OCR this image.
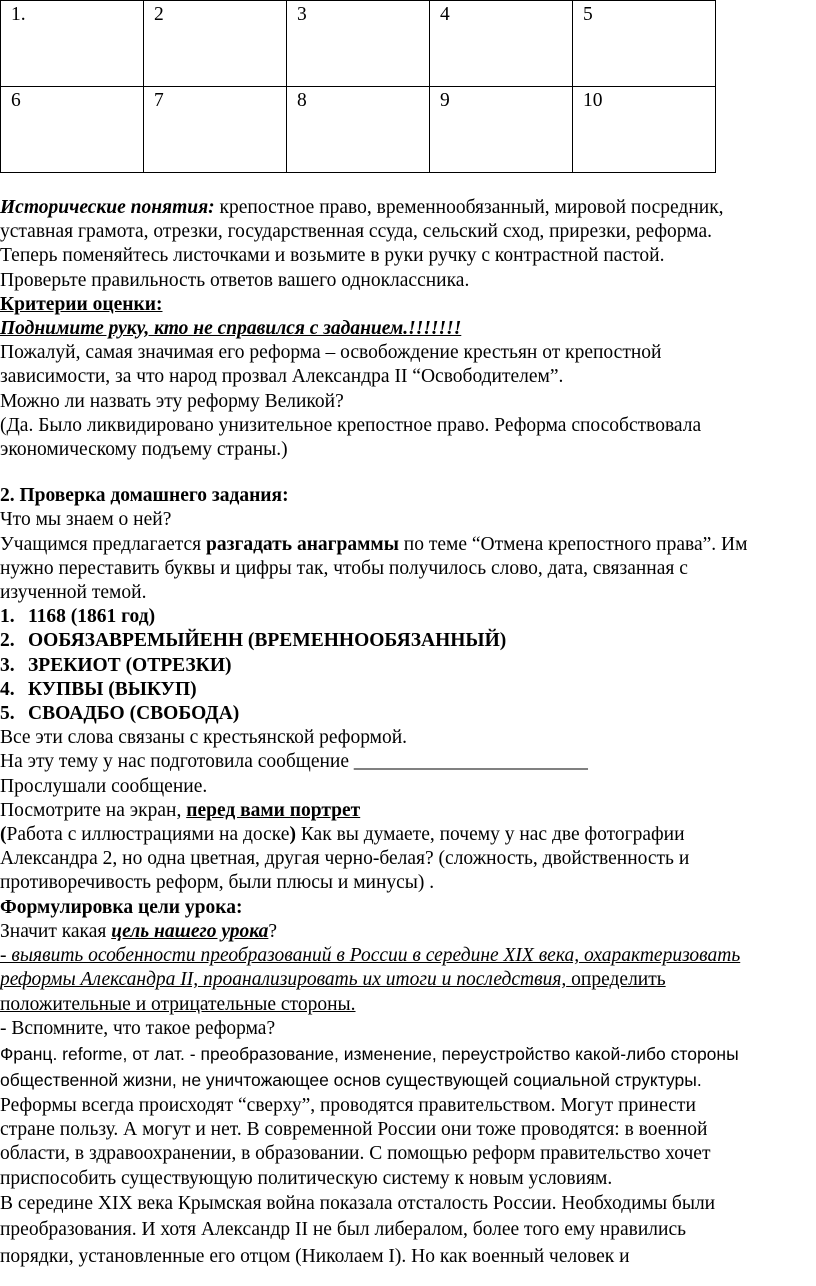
1.	2	3	4	5
6	7	8	9	10
Исторические понятия: крепостное право, временнообязанный, мировой посредник,
уставная грамота, отрезки, государственная ссуда, сельский сход, прирезки, реформа.
Теперь поменяйтесь листочками и возьмите в руки ручку с контрастной пастой.
Проверьте правильность ответов вашего одноклассника.
Критерии оценки:
Поднимите руку, кто не справился с заданием.!!!!!!!
Пожалуй, самая значимая его реформа – освобождение крестьян от крепостной
зависимости, за что народ прозвал Александра II “Освободителем”.
Можно ли назвать эту реформу Великой?
(Да. Было ликвидировано унизительное крепостное право. Реформа способствовала
экономическому подъему страны.)
2. Проверка домашнего задания:
Что мы знаем о ней?
Учащимся предлагается разгадать анаграммы по теме “Отмена крепостного права”. Им
нужно переставить буквы и цифры так, чтобы получилось слово, дата, связанная с
изученной темой.
1. 1168 (1861 год)
2. ООБЯЗАВРЕМЫЙЕНН (ВРЕМЕННООБЯЗАННЫЙ)
3. ЗРЕКИОТ (ОТРЕЗКИ)
4. КУПВЫ (ВЫКУП)
5. СВОАДБО (СВОБОДА)
Все эти слова связаны с крестьянской реформой.
На эту тему у нас подготовила сообщение ________________________
Прослушали сообщение.
Посмотрите на экран, перед вами портрет
(Работа с иллюстрациями на доске) Как вы думаете, почему у нас две фотографии
Александра 2, но одна цветная, другая черно-белая? (сложность, двойственность и
противоречивость реформ, были плюсы и минусы) .
Формулировка цели урока:
Значит какая цель нашего урока?
- выявить особенности преобразований в России в середине XIX века, охарактеризовать
реформы Александра II, проанализировать их итоги и последствия, определить
положительные и отрицательные стороны.
- Вспомните, что такое реформа?
Франц. reforme, от лат. - преобразование, изменение, переустройство какой-либо стороны
общественной жизни, не уничтожающее основ существующей социальной структуры.
Реформы всегда происходят “сверху”, проводятся правительством. Могут принести
стране пользу. А могут и нет. В современной России они тоже проводятся: в военной
области, в здравоохранении, в образовании. С помощью реформ правительство хочет
приспособить существующую политическую систему к новым условиям.
В середине XIX века Крымская война показала отсталость России. Необходимы были
преобразования. И хотя Александр II не был либералом, более того ему нравились
порядки, установленные его отцом (Николаем I). Но как военный человек и
